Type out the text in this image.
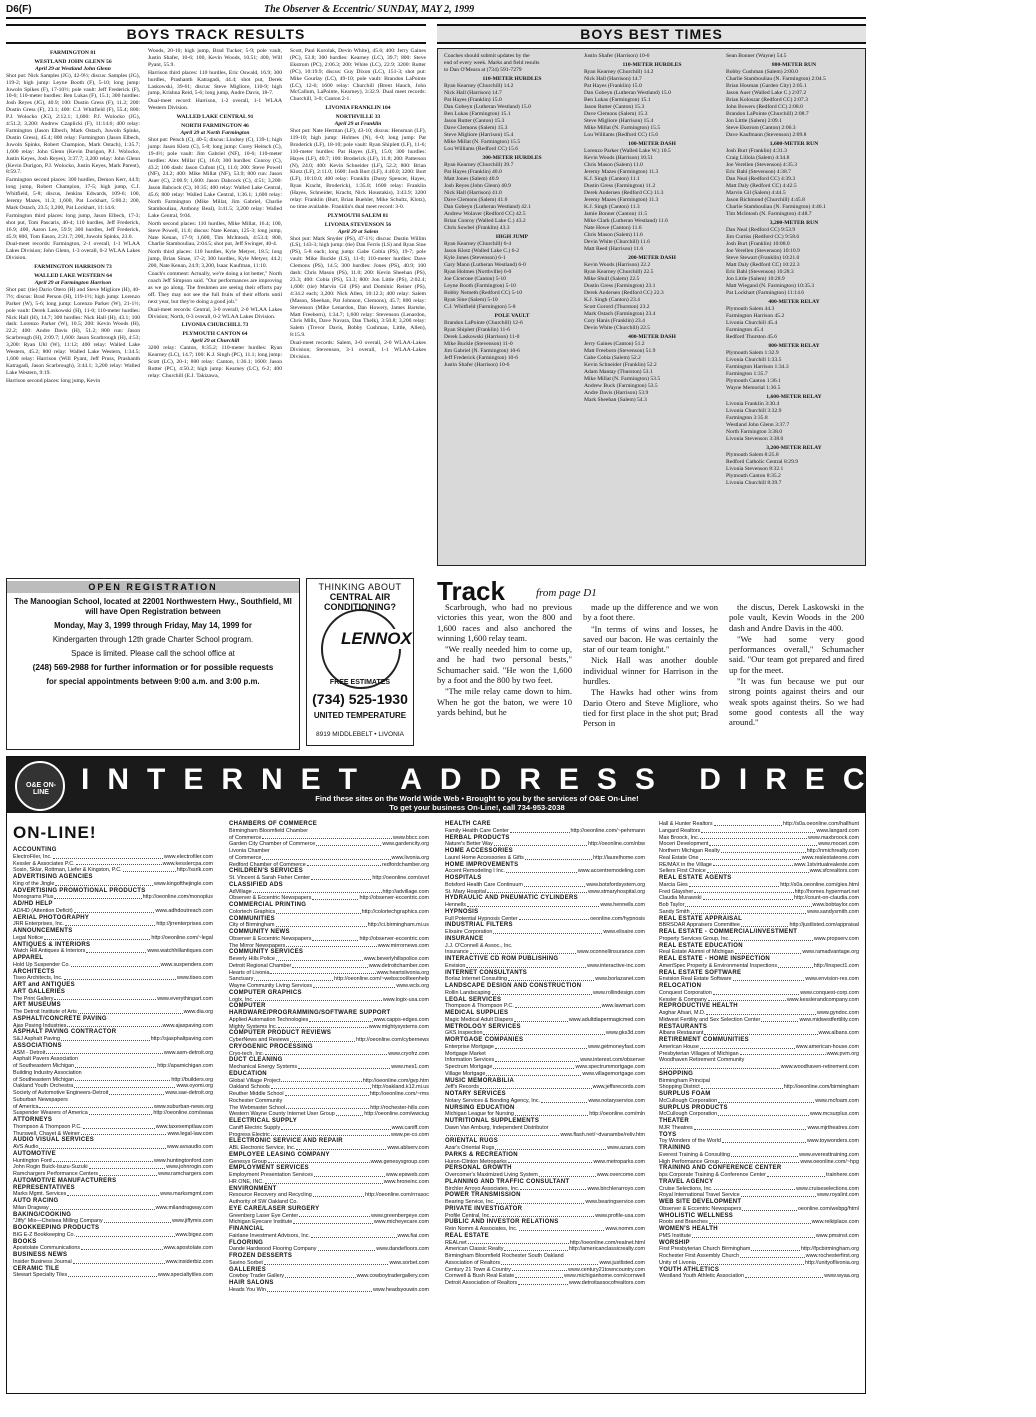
D6(F)	The Observer & Eccentric/ SUNDAY, MAY 2, 1999
BOYS TRACK RESULTS	BOYS BEST TIMES
FARMINGTON 81
WESTLAND JOHN GLENN 56
April 29 at Westland John Glenn

Shot put: Nick Samples (JG), 42-9½; discus: Samples (JG), 119-2; high jump: Leyne Booth (F), 5-10; long jump: Juwoln Spikes (F), 17-10½; pole vault: Jeff Frederick (F), 10-6; 110-meter hurdles: Ben Lukas (F), 15.1; 300 hurdles: Josh Reyes (JG), 40.9; 100: Dustin Gress (F), 11.2; 200: Dustin Gress (F), 23.1; 400: C.J. Whitfield (F), 55.4; 800: P.J. Wolocko (JG), 2:12.1; 1,600: P.J. Wolocko (JG), 4:51.2; 3,200: Andrew Czaplicki (F), 11:14.6; 400 relay: Farmington (Jason Elbech, Mark Ostach, Juwoln Spinks, Dustin Gress), 45.4; 800 relay: Farmington (Jason Elbech, Juwoln Spinks, Robert Champion, Mark Ostach), 1:35.7; 1,600 relay: John Glenn (Kevin Durigon, P.J. Wolocko, Justin Keyes, Josh Reyes), 3:37.7; 3,200 relay: John Glenn (Kevin Durigon, P.J. Wolocko, Justin Keyes, Mark Parent), 8:59.7.

Farmington second places: 300 hurdles, Demon Kerr, 44.9; long jump, Robert Champion, 17-5; high jump, C.J. Whitfield, 5-8; discus, Jenkins Edwards, 109-6; 100, Jeremy Mazes, 11.3; 1,600, Pat Lockhart, 5:00.2; 200, Mark Ostach, 23.5; 3,200, Pat Lockhart, 11:14.6.

Farmington third places: long jump, Jason Elbech, 17-3; shot put, Tom Pascaris, 40-4; 110 hurdles, Jeff Frederick, 16.9; 400, Aaron Lee, 59.9; 300 hurdles, Jeff Frederick, 45.9; 800, Tom Eason, 2:21.7; 200, Juwoln Spinks, 23.6.

Dual-meet records: Farmington, 2-1 overall, 1-1 WLAA Lakes Division; John Glenn, 1-3 overall, 0-2 WLAA Lakes Division.

FARMINGTON HARRISON 73
WALLED LAKE WESTERN 64
April 29 at Farmington Harrison

Shot put: (tie) Dario Otero (H) and Steve Migliore (H), 40-7½; discus: Brad Person (H), 119-1½; high jump: Lorenzo Parker (W), 5-6; long jump: Lorenzo Parker (W), 21-1½; pole vault: Derek Laskowski (H), 11-0; 110-meter hurdles: Nick Hall (H), 14.7; 300 hurdles: Nick Hall (H), 43.1; 100 dash: Lorenzo Parker (W), 10.5; 200: Kevin Woods (H), 22.2; 400: Andre Davis (H), 51.2; 800 run: Jason Scarbrough (H), 2:09.7; 1,600: Jason Scarbrough (H), 4:53; 3,200: Ryan Uhl (W), 11:12; 400 relay: Walled Lake Western, 45.2; 800 relay: Walled Lake Western, 1:34.5; 1,600 relay: Harrison (Will Pyant, Jeff Pruss, Prashanth Katragadi, Jason Scarbrough), 3:44.1; 3,200 relay: Walled Lake Western, 9:19.

Harrison second places: long jump, Kevin

Woods, 20-10; high jump, Brad Tucker, 5-9; pole vault, Justin Shafer, 10-6; 100, Kevin Woods, 10.51; 400, Will Pyant, 55.9.

Harrison third places: 110 hurdles, Eric Oswald, 16.9; 300 hurdles, Prashanth Katragadi, 44.4; shot put, Derek Laskowski, 39-61; discus: Steve Migliore, 110-9; high jump, Krishna Reid, 5-6; long jump, Andre Davis, 18-7.

Dual-meet record: Harrison, 1-2 overall, 1-1 WLAA Western Division.

WALLED LAKE CENTRAL 91
NORTH FARMINGTON 46
April 29 at North Farmington

Shot put: Petsch (C), 40-5; discus: Lindsey (C), 139-1; high jump: Jason Klotz (C), 5-8; long jump: Corey Heitsch (C), 19-4½; pole vault: Jim Gabriel (NF), 10-6; 110-meter hurdles: Alex Millar (C), 16.0; 300 hurdles: Conroy (C), 43.2; 100 dash: Jason Cufont (C), 11.6; 200: Steve Powell (NF), 24.2; 400: Mike Millat (NF), 53.9; 800 run: Jason Auer (C), 2:00.9; 1,600: Jason Dabcock (C), 4:51; 3,200: Jason Babcock (C), 10:35; 400 relay: Walled Lake Central, 45.6; 800 relay: Walled Lake Central, 1:36.1; 1,600 relay: North Farmington (Mike Millat, Jim Gabriel, Charlie Stambouliau, Anthony Beal), 3:41.5; 3,200 relay: Walled Lake Central, 9:04.

North second places: 110 hurdles, Mike Millat, 16.4; 100, Steve Powell, 11.6; discus: Nate Kenan, 125-3; long jump, Nate Kenan, 17-9; 1,600, Tim McIntosh, 4:53.4; 800, Charlie Stambouliau, 2:04.5; shot put, Jeff Swinger, 40-4.

North third places: 110 hurdles, Kyle Metyer, 18.5; long jump, Brian Sinae, 17-2; 300 hurdles, Kyle Metyer, 44.2; 200, Nate Kenan, 24.9; 3,200, Isaac Kaufman, 11:10.

Coach's comment: Actually, we're doing a lot better," North coach Jeff Simpson said. "Our performances are improving as we go along. The freshmen are seeing their efforts pay off. They may not see the full fruits of their efforts until next year, but they're doing a good job."

Dual-meet records: Central, 3-0 overall, 2-0 WLAA Lakes Division; North, 0-3 overall, 0-2 WLAA Lakes Division.

LIVONIA CHURCHILL 73
PLYMOUTH CANTON 64
April 29 at Churchill

3200 relay: Canton, 8:35.2; 110-meter hurdles: Ryan Kearney (LC), 14.7; 100: K.J. Singh (PC), 11.1; long jump: Scott (LC), 20-1; 800 relay: Canton, 1:36.1; 1600: Jason Rutter (PC), 4:50.2; high jump: Kearney (LC), 6-2; 400 relay: Churchill (E.J. Takizawa,

Scott, Paul Korolak, Devin White), 45.6; 400: Jerry Gaines (PC), 53.8; 300 hurdles: Kearney (LC), 39.7; 800: Steve Ekstrom (PC), 2:06.3; 200: White (LC), 22.9; 3200: Rutter (PC), 10:19.9; discus: Guy Dixon (LC), 151-3; shot put: Mike Gourlay (LC), 49-10; pole vault: Brandon LaPointe (LC), 12-6; 1600 relay: Churchill (Brent Hauch, John McCallum, LaPointe, Kearney), 3:32.9. Dual meet records: Churchill, 3-0; Canton 2-1.

LIVONIA FRANKLIN 104
NORTHVILLE 33
April 29 at Franklin

Shot put: Nate Herman (LF), 43-10; discus: Hensman (LF), 119-10; high jump: Holmes (N), 6-0; long jump: Pat Broderick (LF), 18-10; pole vault: Ryan Shiplett (LF), 11-6; 110-meter hurdles: Pat Hayes (LF), 15.0; 300 hurdles: Hayes (LF), 40.7; 100: Broderick (LF), 11.8; 200: Patterson (N), 24.0; 400: Kevin Schneider (LF), 52.2; 800: Brian Klotz (LF), 2:11.0; 1600: Josh Burt (LF), 4:40.0; 3200: Burt (LF), 10:10.0; 400 relay: Franklin (Dusty Spencer, Hayes, Ryan Kracht, Broderick), 1:35.8; 1600 relay: Franklin (Hayes, Schneider, Kracht, Nick Houstakis), 3:43.9; 3200 relay: Franklin (Burt, Brian Buehler, Mike Schultz, Klotz), no time available. Franklin's dual meet record: 3-0.

PLYMOUTH SALEM 81
LIVONIA STEVENSON 56
April 29 at Salem

Shot put: Mark Snyder (PS), 47-1½; discus: Dustin Willim (LS), 143-3; high jump: (tie) Dan Ferris (LS) and Ryan Sine (PS), 5-8 each; long jump: Gabe Cobia (PS), 19-7; pole vault: Mike Buckle (LS), 11-0; 110-meter hurdles: Dave Clemons (PS), 14.5; 300 hurdles: Jones (PS), 40.9; 100 dash: Chris Mason (PS), 11.0; 200: Kevin Sheehan (PS), 23.3; 400: Cobia (PS), 53.3; 800: Jon Little (PS), 2:02.4; 1,600: (tie) Marvin Gil (PS) and Dominic Reiner (PS), 4:34.2 each; 3,200: Nick Allen, 10:12.3; 400 relay: Salem (Mason, Sheehan, Pat Johnson, Clemons), 45.7; 800 relay: Stevenson (Mike Lenardon, Dan Howery, James Bartshe, Matt Freeborn), 1:34.7; 1,600 relay: Stevenson (Lenardon, Chris Mills, Dave Navara, Dan Thelk), 3:50.8; 3,200 relay: Salem (Trevor Davis, Bobby Cushman, Little, Allen), 8:15.9.

Dual-meet records: Salem, 3-0 overall, 2-0 WLAA-Lakes Division; Stevenson, 3-1 overall, 1-1 WLAA-Lakes Division.

Coaches should submit updates by the
end of every week. Marks and field results
to Dan O'Meara at (734) 591-7279
110-METER HURDLES
Ryan Kearney (Churchill) 14.2
Nick Hall (Harrison) 14.7
Pat Hayes (Franklin) 15.0
Dan Gobeyn (Lutheran Westland) 15.0
Ben Lukas (Farmington) 15.1
Jason Rutter (Canton) 15.3
Dave Clemons (Salem) 15.3
Steve Migliore (Harrison) 15.4
Mike Millat (N. Farmington) 15.5
Lou Williams (Redford CC) 15.6
300-METER HURDLES
Ryan Kearney (Churchill) 39.7
Pat Hayes (Franklin) 40.0
Matt Jones (Salem) 40.9
Josh Reyes (John Glenn) 40.9
Nick Hall (Harrison) 41.0
Dave Clemons (Salem) 41.6
Dan Gobeyn (Lutheran Westland) 42.1
Andrew Wolaver (Redford CC) 42.5
Brian Conroy (Walled Lake C.) 43.2
Chris Sowbel (Franklin) 43.3
HIGH JUMP
Ryan Kearney (Churchill) 6-4
Jason Klotz (Walled Lake C.) 6-2
Kyle Jones (Stevenson) 6-1
Gary Mann (Lutheran Westland) 6-0
Ryan Holmes (Northville) 6-0
Joe Cicerone (Canton) 5-10
Leyne Booth (Farmington) 5-10
Bobby Nemeth (Redford CC) 5-10
Ryan Sine (Salem) 5-10
C.J. Whitfield (Farmington) 5-8
POLE VAULT
Brandon LaPointe (Churchill) 12-6
Ryan Shiplett (Franklin) 11-6
Derek Laskowski (Harrison) 11-0
Mike Buckle (Stevenson) 11-0
Jim Gabriel (N. Farmington) 10-6
Jeff Frederick (Farmington) 10-6
Justin Shafer (Harrison) 10-6
Justin Shafer (Harrison) 10-6
110-METER HURDLES
Ryan Kearney (Churchill) 14.2
Nick Hall (Harrison) 14.7
Pat Hayes (Franklin) 15.0
Dan Gobeyn (Lutheran Westland) 15.0
Ben Lukas (Farmington) 15.1
Jason Rutter (Canton) 15.3
Dave Clemons (Salem) 15.3
Steve Migliore (Harrison) 15.4
Mike Millat (N. Farmington) 15.5
Lou Williams (Redford CC) 15.6
100-METER DASH
Lorenzo Parker (Walled Lake W.) 10.5
Kevin Woods (Harrison) 10.51
Chris Mason (Salem) 11.0
Jeremy Mazes (Farmington) 11.3
K.J. Singh (Canton) 11.1
Dustin Gress (Farmington) 11.2
Derek Andersen (Redford CC) 11.3
Jeremy Mazes (Farmington) 11.3
K.J. Singh (Canton) 11.3
Jamie Bonner (Canton) 11.5
Mike Clark (Lutheran Westland) 11.6
Nate Howe (Canton) 11.6
Chris Mason (Salem) 11.6
Devin White (Churchill) 11.6
Matt Reed (Harrison) 11.6
200-METER DASH
Kevin Woods (Harrison) 22.2
Ryan Kearney (Churchill) 22.5
Mike Shull (Salem) 22.5
Dustin Gress (Farmington) 23.1
Derek Andersen (Redford CC) 22.3
K.J. Singh (Canton) 23.4
Scott Gorord (Thurston) 23.2
Mark Ostach (Farmington) 23.4
Cory Hanis (Franklin) 23.4
Devin White (Churchill) 22.5
400-METER DASH
Jerry Gaines (Canton) 51.2
Matt Freeborn (Stevenson) 51.9
Gabe Cobia (Salem) 52.2
Kevin Schneider (Franklin) 52.2
Adam Mantay (Thurston) 53.1
Mike Millat (N. Farmington) 53.5
Andrew Buck (Farmington) 53.5
Andre Davis (Harrison) 53.9
Mark Sheehan (Salem) 54.3
Sean Bonner (Wayne) 54.5
800-METER RUN
Bobby Cushman (Salem) 2:00.0
Charlie Stambouliau (N. Farmington) 2:04.5
Brian Hosman (Garden City) 2:05.1
Jason Auer (Walled Lake C.) 2:07.2
Brian Koloszar (Redford CC) 2:07.3
John Bowers (Redford CC) 2:08.0
Brandon LaPointe (Churchill) 2:08.7
Jon Little (Salem) 2:09.1
Steve Ekstrom (Canton) 2:06.3
Dave Kaufmann (Stevenson) 2:09.8
1,600-METER RUN
Josh Burt (Franklin) 4:31.3
Craig Lillola (Salem) 4:34.8
Joe Verellen (Stevenson) 4:35.3
Eric Bahl (Stevenson) 4:38.7
Dan Neal (Redford CC) 4:39.3
Matt Daly (Redford CC) 4:42.5
Marvin Gil (Salem) 4:44.5
Jason Richmond (Churchill) 4:45.8
Charlie Stambouliau (N. Farmington) 4:46.1
Tim McIntosh (N. Farmington) 4:48.7
3,200-METER RUN
Dan Neal (Redford CC) 9:53.9
Jim Curtiss (Redford CC) 9:58.6
Josh Burt (Franklin) 10:08.0
Joe Verellen (Stevenson) 10:10.9
Steve Stewart (Franklin) 10:21.0
Matt Daly (Redford CC) 10:22.3
Eric Bahl (Stevenson) 10:28.3
Jon Little (Salem) 10:28.9
Matt Wiegand (N. Farmington) 10:35.3
Pat Lockhart (Farmington) 11:14.6
400-METER RELAY
Plymouth Salem 44.3
Farmington Harrison 45.2
Livonia Churchill 45.4
Farmington 45.4
Redford Thurston 45.6
800-METER RELAY
Plymouth Salem 1:32.9
Livonia Churchill 1:33.5
Farmington Harrison 1:34.3
Farmington 1:35.7
Plymouth Canton 1:36.1
Wayne Memorial 1:36.5
1,600-METER RELAY
Livonia Franklin 3:30.4
Livonia Churchill 3:32.9
Farmington 3:35.8
Westland John Glenn 3:37.7
North Farmington 3:38.0
Livonia Stevenson 3:38.0
3,200-METER RELAY
Plymouth Salem 8:25.8
Redford Catholic Central 8:29.9
Livonia Stevenson 8:32.1
Plymouth Canton 8:35.2
Livonia Churchill 8:39.7
OPEN REGISTRATION

The Manoogian School, located at 22001 Northwestern Hwy., Southfield, MI will have Open Registration between

Monday, May 3, 1999 through Friday, May 14, 1999 for

Kindergarten through 12th grade Charter School program.

Space is limited. Please call the school office at

(248) 569-2988 for further information or for possible requests

for special appointments between 9:00 a.m. and 3:00 p.m.

THINKING ABOUT
CENTRAL AIR CONDITIONING?
LENNOX
FREE ESTIMATES
(734) 525-1930
UNITED TEMPERATURE
8919 MIDDLEBELT • LIVONIA
Track	from page D1

Scarbrough, who had no previous victories this year, won the 800 and 1,600 races and also anchored the winning 1,600 relay team.

"We really needed him to come up, and he had two personal bests," Schumacher said. "He won the 1,600 by a foot and the 800 by two feet.

"The mile relay came down to him. When he got the baton, we were 10 yards behind, but he

made up the difference and we won by a foot there.

"In terms of wins and losses, he saved our bacon. He was certainly the star of our team tonight."

Nick Hall was another double individual winner for Harrison in the hurdles.

The Hawks had other wins from Dario Otero and Steve Migliore, who tied for first place in the shot put; Brad Person in

the discus, Derek Laskowski in the pole vault, Kevin Woods in the 200 dash and Andre Davis in the 400.

"We had some very good performances overall," Schumacher said. "Our team got prepared and fired up for the meet.

"It was fun because we put our strong points against theirs and our weak spots against theirs. So we had some good contests all the way around."

O&E ON-LINE	INTERNET ADDRESS DIRECTORY
Find these sites on the World Wide Web • Brought to you by the services of O&E On-Line!
To get your business On-Line!, call 734-953-2038
ON-LINE!
ACCOUNTING
ElectroFiler, Inc.	www.electrofiler.com
Kessler & Associates P.C.	www.kesslercpa.com
Sosin, Sklar, Rottman, Liefer & Kingston, P.C.	http://ssrlk.com
ADVERTISING AGENCIES
King of the Jingle	www.kingofthejingle.com
ADVERTISING PROMOTIONAL PRODUCTS
Monograms Plus	http://oeonline.com/monoplus
AD/HD HELP
AD/HD (Attention Deficit)	www.adhdoutreach.com
AERIAL PHOTOGRAPHY
JRR Enterprises, Inc.	http://jrrenterprises.com
ANNOUNCEMENTS
Legal Notice	http://oeonline.com/~legal
ANTIQUES & INTERIORS
Watch Hill Antiques & Interiors	www.watchhillantiques.com
APPAREL
Hold Up Suspender Co.	www.suspenders.com
ARCHITECTS
Tiseo Architects, Inc.	www.tiseo.com
ART and ANTIQUES
ART GALLERIES
The Print Gallery	www.everythingart.com
ART MUSEUMS
The Detroit Institute of Arts	www.dia.org
ASPHALT/CONCRETE PAVING
Ajax Paving Industries	www.ajaxpaving.com
ASPHALT PAVING CONTRACTOR
S&J Asphalt Paving	http://sjasphaltpaving.com
ASSOCIATIONS
ASM - Detroit	www.asm-detroit.org
Asphalt Pavers Association
of Southeastern Michigan	http://apamichigan.com
Building Industry Association
of Southeastern Michigan	http://builders.org
Oakland Youth Orchestra	www.oyomi.org
Society of Automotive Engineers-Detroit	www.sae-detroit.org
Suburban Newspapers
of America	www.suburban-news.org
Suspender Wearers of America	http://oeonline.com/swaa
ATTORNEYS
Thompson & Thompson P.C.	www.taxexemptlaw.com
Thurswell, Chayet & Weiner	www.legal-law.com
AUDIO VISUAL SERVICES
AVS Audio	www.avsaudio.com
AUTOMOTIVE
Huntington Ford	www.huntingtonford.com
John Rogin Buick-Isuzu-Suzuki	www.johnrogin.com
Ramchargers Performance Centers	www.ramchargers.com
AUTOMOTIVE MANUFACTURERS
REPRESENTATIVES
Marks Mgmt. Services	www.marksmgmt.com
AUTO RACING
Milan Dragway	www.milandragway.com
BAKING/COOKING
"Jiffy" Mix—Chelsea Milling Company	www.jiffymix.com
BOOKKEEPING PRODUCTS
BIG E-Z Bookkeeping Co.	www.bigez.com
BOOKS
Apostolate Communications	www.apostolate.com
BUSINESS NEWS
Insider Business Journal	www.insiderbiz.com
CERAMIC TILE
Stewart Specialty Tiles	www.specialtytiles.com
CHAMBERS OF COMMERCE
Birmingham Bloomfield Chamber
of Commerce	www.bbcc.com
Garden City Chamber of Commerce	www.gardencity.org
Livonia Chamber
of Commerce	www.livonia.org
Redford Chamber of Commerce	redfordchamber.org
CHILDREN'S SERVICES
St. Vincent & Sarah Fisher Center	http://oeonline.com/svsf
CLASSIFIED ADS
AdVillage	http://advillage.com
Observer & Eccentric Newspapers	http://observer-eccentric.com
COMMERCIAL PRINTING
Colortech Graphics	http://colortechgraphics.com
COMMUNITIES
City of Birmingham	http://ci.birmingham.mi.us
COMMUNITY NEWS
Observer & Eccentric Newspapers	http://observer-eccentric.com
The Mirror Newspapers	www.mirrornews.com
COMMUNITY SERVICES
Beverly Hills Police	www.beverlyhillspolice.com
Detroit Regional Chamber	www.detroitchamber.com
Hearts of Livonia	www.heartslivonia.org
Sanctuary	http://oeonline.com/~webscool/teenhelp
Wayne Community Living Services	www.wcls.org
COMPUTER GRAPHICS
Logix, Inc.	www.logix-usa.com
COMPUTER
HARDWARE/PROGRAMMING/SOFTWARE SUPPORT
Applied Automation Technologies	www.capps-edges.com
Mighty Systems Inc.	www.mightysystems.com
COMPUTER PRODUCT REVIEWS
CyberNews and Reviews	http://oeonline.com/cybernews
CRYOGENIC PROCESSING
Cryo-tech, Inc.	www.cryofrz.com
DUCT CLEANING
Mechanical Energy Systems	www.mes1.com
EDUCATION
Global Village Project	http://oeonline.com/gvp.htm
Oakland Schools	http://oakland.k12.mi.us
Reuther Middle School	http://oeonline.com/~rms
Rochester Community
The Webmaster School	http://rochester-hills.com
Western Wayne County Internet User Group	http://oeonline.com/wwciug
ELECTRICAL SUPPLY
Caniff Electric Supply	www.caniff.com
Progress Electric	www.pe-co.com
ELECTRONIC SERVICE AND REPAIR
ABL Electronic Service, Inc.	www.ablserv.com
EMPLOYEE LEASING COMPANY
Genesys Group	www.genesysgroup.com
EMPLOYMENT SERVICES
Employment Presentation Services	www.epsweb.com
HR ONE, INC.	www.hroneinc.com
ENVIRONMENT
Resource Recovery and Recycling	http://oeonline.com/rrrasoc
Authority of SW Oakland Co.
EYE CARE/LASER SURGERY
Greenberg Laser Eye Center	www.greenbergeye.com
Michigan Eyecare Institute	www.micheyecare.com
FINANCIAL
Fairlane Investment Advisors, Inc.	www.fiai.com
FLOORING
Dande Hardwood Flooring Company	www.dandefloors.com
FROZEN DESSERTS
Savino Sorbet	www.sorbet.com
GALLERIES
Cowboy Trader Gallery	www.cowboytradergallery.com
HAIR SALONS
Heads You Win	www.headsyouwin.com
HEALTH CARE
Family Health Care Center	http://oeonline.com/~pehrmann
HERBAL PRODUCTS
Nature's Better Way	http://oeonline.com/nbw
HOME ACCESSORIES
Laurel Home Accessories & Gifts	http://laurelhome.com
HOME IMPROVEMENTS
Accent Remodeling I Inc.	www.accentremodeling.com
HOSPITALS
Botsford Health Care Continuum	www.botsfordsystem.org
St. Mary Hospital	www.stmaryhospital.org
HYDRAULIC AND PNEUMATIC CYLINDERS
Hennells	www.hennells.com
HYPNOSIS
Full Potential Hypnosis Center	oeonline.com/hypnosis
INDUSTRIAL FILTERS
Elixaire Corporation	www.elixaire.com
INSURANCE
J.J. O'Connell & Assoc., Inc.
Insurance	www.oconnellinsurance.com
INTERACTIVE CD ROM PUBLISHING
Envision	www.interactive-inc.com
INTERNET CONSULTANTS
Borlaz Internet Consulting	www.borlazanet.com
LANDSCAPE DESIGN AND CONSTRUCTION
Rollin Landscaping	www.rollindesign.com
LEGAL SERVICES
Thompson & Thompson P.C.	www.lawmart.com
MEDICAL SUPPLIES
Magic Medical Adult Diapers	www.adultdiapermagicmed.com
METROLOGY SERVICES
GKS Inspection	www.gks3d.com
MORTGAGE COMPANIES
Enterprise Mortgage	www.getmoneyfast.com
Mortgage Market
Information Services	www.interest.com/observer
Spectrum Mortgage	www.spectrummortgage.com
Village Mortgage	www.villagemortgage.com
MUSIC MEMORABILIA
Jeff's Records	www.jeffsrecords.com
NOTARY SERVICES
Notary Services & Bonding Agency, Inc.	www.notaryservice.com
NURSING EDUCATION
Michigan League for Nursing	http://oeonline.com/mln
NUTRITIONAL SUPPLEMENTS
Dawn Van Amburg, Independent Distributor
www.flash.net/~dvanambe/reliv.htm
ORIENTAL RUGS
Azar's Oriental Rugs	www.azars.com
PARKS & RECREATION
Huron-Clinton Metroparks	www.metroparks.com
PERSONAL GROWTH
Overcomer's Maximized Living System	www.overcome.com
PLANNING AND TRAFFIC CONSULTANT
Birchler Arroyo Associates, Inc.	www.birchlerarroyo.com
POWER TRANSMISSION
Bearing Service, Inc.	www.bearingservice.com
PRIVATE INVESTIGATOR
Profile Central, Inc.	www.profile-usa.com
PUBLIC AND INVESTOR RELATIONS
Rein Nomm & Associates, Inc.	www.nomm.com
REAL ESTATE
REALnet	http://oeonline.com/realnet.html
American Classic Realty	http://americanclassicrealty.com
Birmingham Bloomfield Rochester South Oakland
Association of Realtors	www.justlisted.com
Century 21 Town & Country	www.century21towncountry.com
Cornwell & Bush Real Estate	www.michiganhome.com/cornwell
Detroit Association of Realtors	www.detroitassocofrealtors.com
Hall & Hunter Realtors	http://s0a.oeonline.com/hallhunt
Langard Realtors	www.langard.com
Max Broock, Inc.	www.maxbroock.com
Moceri Development	www.moceri.com
Northern Michigan Realty	http://nmichrealty.com
Real Estate One	www.realestateone.com
RE/MAX in the Village	www.1stvirtualrealeste.com
Sellers First Choice	www.sfcrealtors.com
REAL ESTATE AGENTS
Marcia Gies	http://s0a.oeonline.com/gies.html
Fred Glaysher	http://homes.hypermart.net
Claudia Murawski	http://count-on-claudia.com
Bob Taylor	www.bobtaylor.com
Sandy Smith	www.sandysmith.com
REAL ESTATE APPRAISAL
BBRSOAR Appraisers Committee	http://justlisted.com/appraisal
REAL ESTATE - COMMERCIAL/INVESTMENT
Property Services Group, Inc.	www.propserv.com
REAL ESTATE EDUCATION
Real Estate Alumni of Michigan	www.ramadvantage.org
REAL ESTATE - HOME INSPECTION
AmeriSpec Property & Environmental Inspections	http://inspect1.com
REAL ESTATE SOFTWARE
Envision Real Estate Software	www.envision-res.com
RELOCATION
Conquest Corporation	www.conquest-corp.com
Kessler & Company	www.kesslerandcompany.com
REPRODUCTIVE HEALTH
Asghar Afsari, M.D.	www.gyndoc.com
Midwest Fertility and Sex Selection Center	www.midwestfertility.com
RESTAURANTS
Albans Restaurant	www.albans.com
RETIREMENT COMMUNITIES
American House	www.american-house.com
Presbyterian Villages of Michigan	www.pvm.org
Woodhaven Retirement Community
www.woodhaven-retirement.com
SHOPPING
Birmingham Principal
Shopping District	http://oeonline.com/birmingham
SURPLUS FOAM
McCullough Corporation	www.mcfoam.com
SURPLUS PRODUCTS
McCullough Corporation	www.mcsurplus.com
THEATER
MJR Theatres	www.mjrtheatres.com
TOYS
Toy Wonders of the World	www.toywonders.com
TRAINING
Everest Training & Consulting	www.everesttraining.com
High Performance Group	www.oeonline.com/~hpg
TRAINING AND CONFERENCE CENTER
bps Corporate Training & Conference Center	trainhere.com
TRAVEL AGENCY
Cruise Selections, Inc.	www.cruiseselections.com
Royal International Travel Service	www.royalint.com
WEB SITE DEVELOPMENT
Observer & Eccentric Newspapers	oeonline.com/webpg/html
WHOLISTIC WELLNESS
Roots and Branches	www.reikiplace.com
WOMEN'S HEALTH
PMS Institute	www.pmsinst.com
WORSHIP
First Presbyterian Church Birmingham	http://fpcbirmingham.org
Rochester First Assembly Church	www.rochesterfirst.org
Unity of Livonia	http://unityoflivonia.org
YOUTH ATHLETICS
Westland Youth Athletic Association	www.wyaa.org
